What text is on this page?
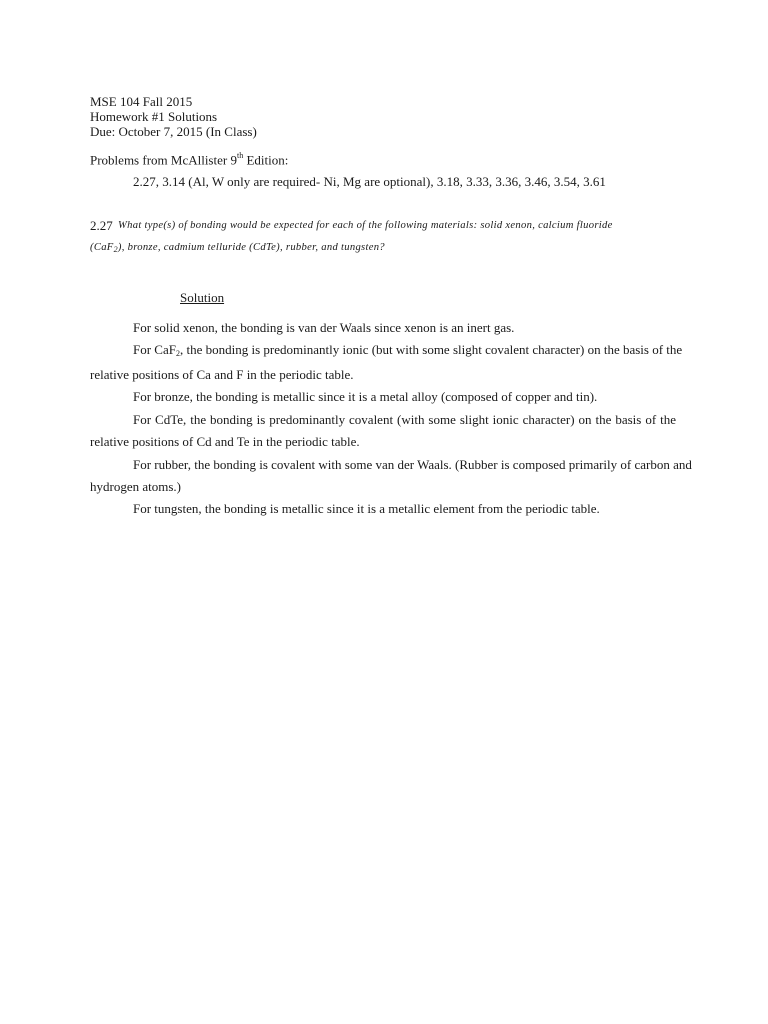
MSE 104 Fall 2015
Homework #1 Solutions
Due: October 7, 2015 (In Class)
Problems from McAllister 9th Edition:
2.27, 3.14 (Al, W only are required- Ni, Mg are optional), 3.18, 3.33, 3.36, 3.46, 3.54, 3.61
2.27 What type(s) of bonding would be expected for each of the following materials: solid xenon, calcium fluoride
(CaF$_2$), bronze, cadmium telluride (CdTe), rubber, and tungsten?
Solution
For solid xenon, the bonding is van der Waals since xenon is an inert gas.
For CaF$_2$, the bonding is predominantly ionic (but with some slight covalent character) on the basis of the
relative positions of Ca and F in the periodic table.
For bronze, the bonding is metallic since it is a metal alloy (composed of copper and tin).
For CdTe, the bonding is predominantly covalent (with some slight ionic character) on the basis of the
relative positions of Cd and Te in the periodic table.
For rubber, the bonding is covalent with some van der Waals. (Rubber is composed primarily of carbon and
hydrogen atoms.)
For tungsten, the bonding is metallic since it is a metallic element from the periodic table.
